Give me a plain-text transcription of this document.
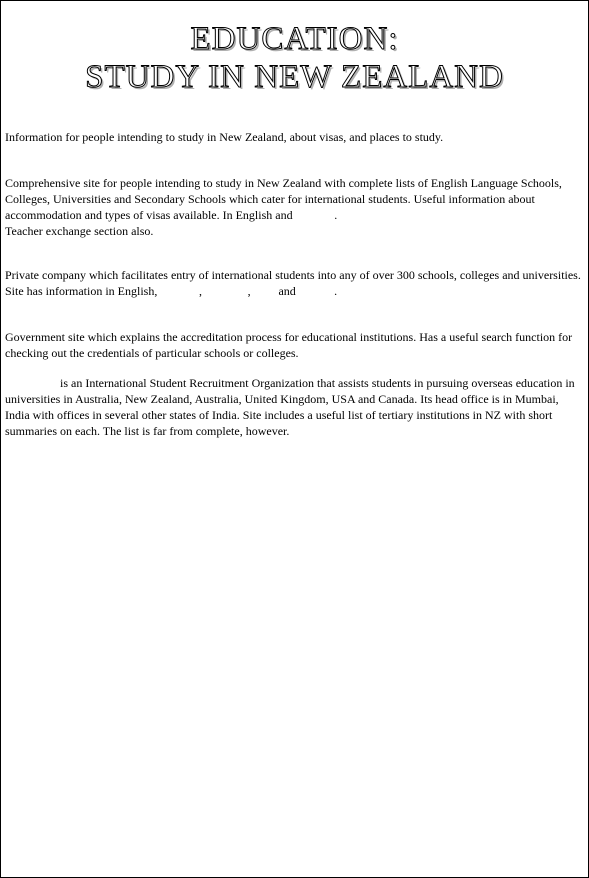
EDUCATION:
STUDY IN NEW ZEALAND
Information for people intending to study in New Zealand, about visas, and places to study.
Comprehensive site for people intending to study in New Zealand with complete lists of English Language Schools, Colleges, Universities and Secondary Schools which cater for international students. Useful information about accommodation and types of visas available. In English and Chinese.
Teacher exchange section also.
Private company which facilitates entry of international students into any of over 300 schools, colleges and universities. Site has information in English, Chinese, Japanese, Thai and Korean.
Government site which explains the accreditation process for educational institutions. Has a useful search function for checking out the credentials of particular schools or colleges.
EduCrown is an International Student Recruitment Organization that assists students in pursuing overseas education in universities in Australia, New Zealand, Australia, United Kingdom, USA and Canada. Its head office is in Mumbai, India with offices in several other states of India. Site includes a useful list of tertiary institutions in NZ with short summaries on each. The list is far from complete, however.
